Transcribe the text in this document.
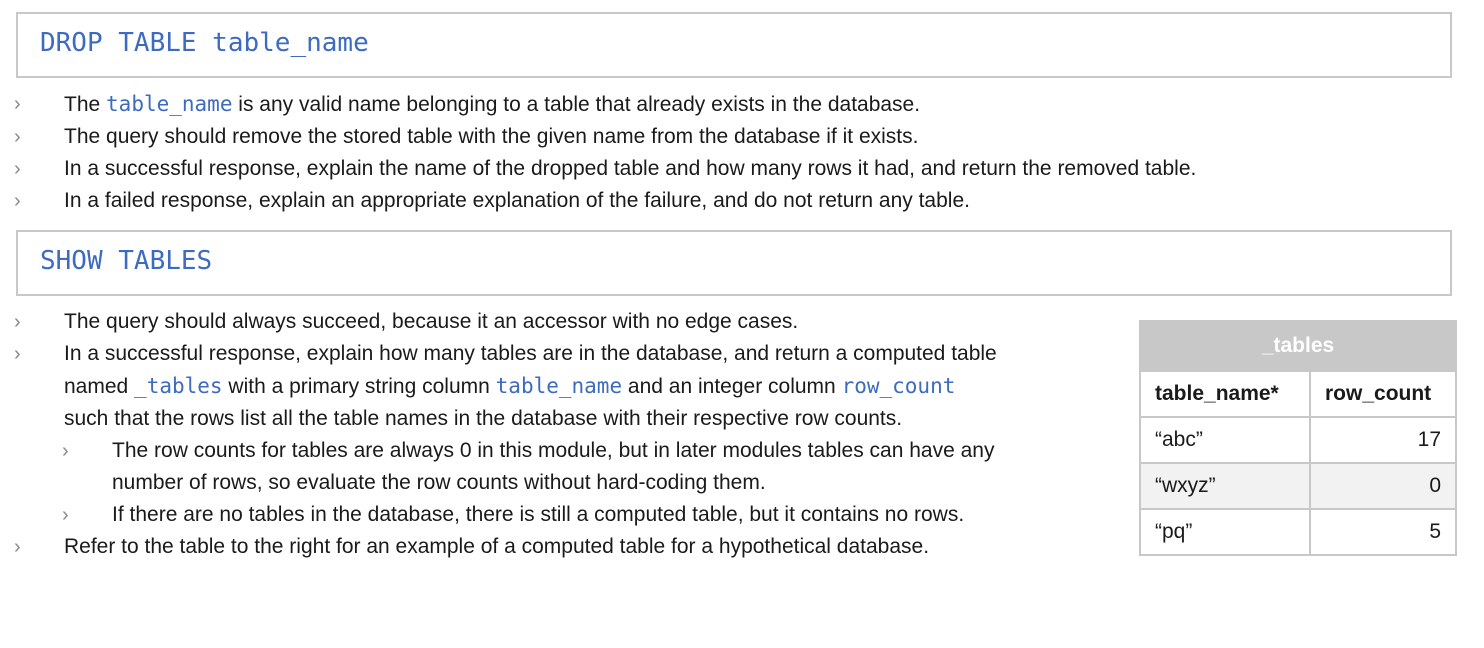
DROP TABLE table_name
› The table_name is any valid name belonging to a table that already exists in the database.
› The query should remove the stored table with the given name from the database if it exists.
› In a successful response, explain the name of the dropped table and how many rows it had, and return the removed table.
› In a failed response, explain an appropriate explanation of the failure, and do not return any table.
SHOW TABLES
› The query should always succeed, because it an accessor with no edge cases.
› In a successful response, explain how many tables are in the database, and return a computed table
named _tables with a primary string column table_name and an integer column row_count
such that the rows list all the table names in the database with their respective row counts.
› The row counts for tables are always 0 in this module, but in later modules tables can have any
number of rows, so evaluate the row counts without hard-coding them.
› If there are no tables in the database, there is still a computed table, but it contains no rows.
› Refer to the table to the right for an example of a computed table for a hypothetical database.
_tables	
table_name*	row_count
“abc”	17
“wxyz”	0
“pq”	5
